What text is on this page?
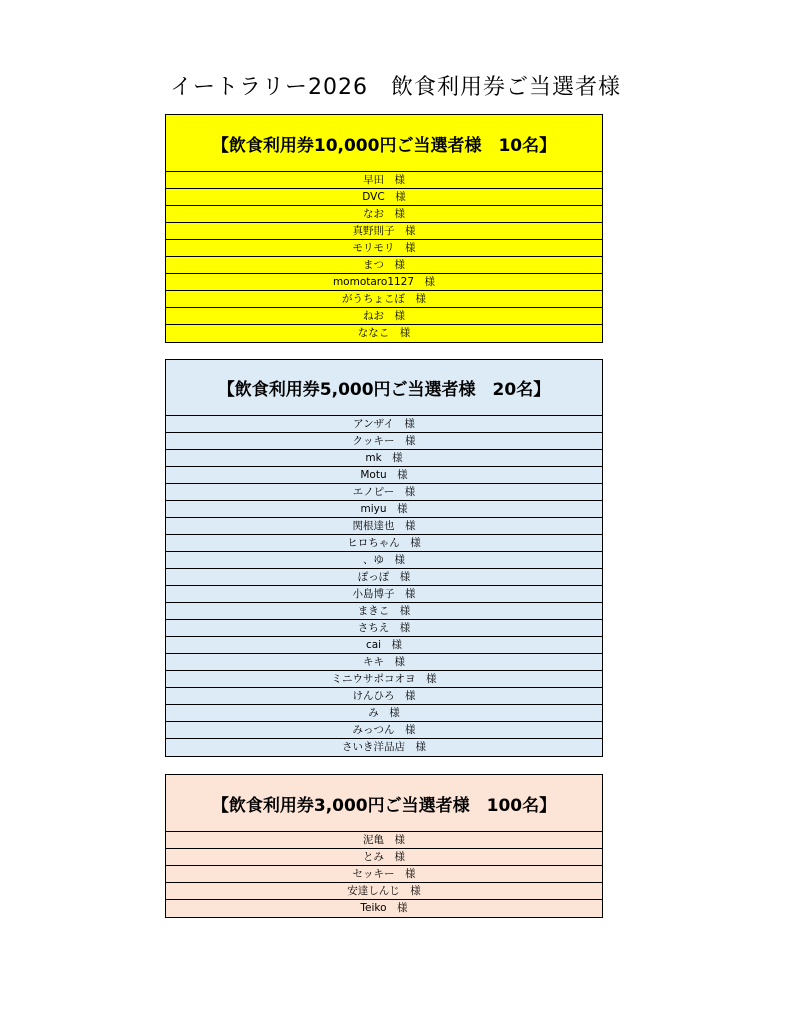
イートラリー2026　飲食利用券ご当選者様
【飲食利用券10,000円ご当選者様　10名】
早田　様
DVC　様
なお　様
真野則子　様
モリモリ　様
まつ　様
momotaro1127　様
がうちょこぼ　様
ねお　様
ななこ　様
【飲食利用券5,000円ご当選者様　20名】
アンザイ　様
クッキー　様
mk　様
Motu　様
エノピー　様
miyu　様
関根達也　様
ヒロちゃん　様
、ゆ　様
ぽっぽ　様
小島博子　様
まきこ　様
さちえ　様
cai　様
キキ　様
ミニウサポコオヨ　様
けんひろ　様
み　様
みっつん　様
さいき洋品店　様
【飲食利用券3,000円ご当選者様　100名】
泥亀　様
とみ　様
セッキー　様
安達しんじ　様
Teiko　様
